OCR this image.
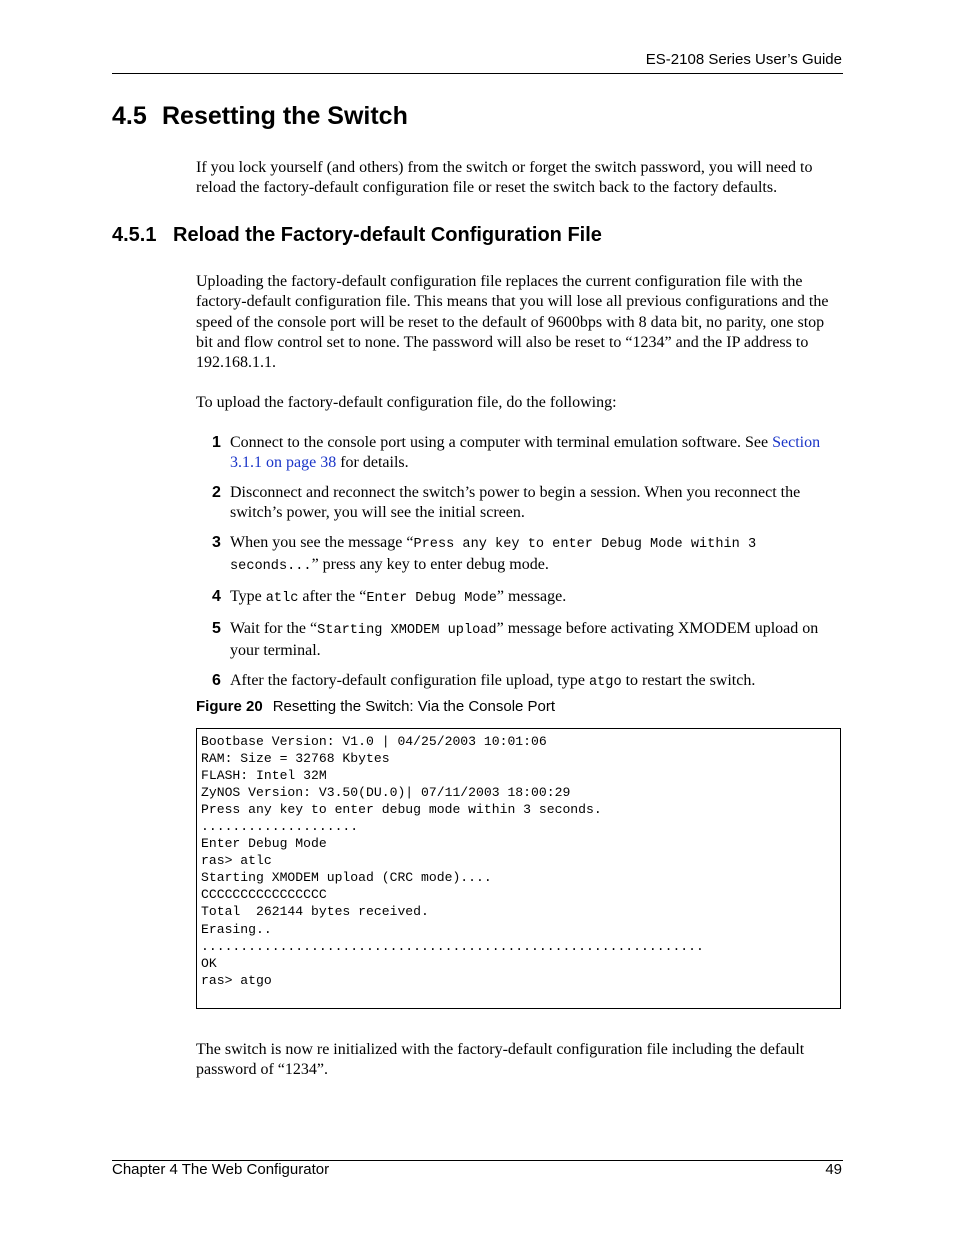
ES-2108 Series User’s Guide
4.5 Resetting the Switch

If you lock yourself (and others) from the switch or forget the switch password, you will need to reload the factory-default configuration file or reset the switch back to the factory defaults.

4.5.1 Reload the Factory-default Configuration File

Uploading the factory-default configuration file replaces the current configuration file with the factory-default configuration file. This means that you will lose all previous configurations and the speed of the console port will be reset to the default of 9600bps with 8 data bit, no parity, one stop bit and flow control set to none. The password will also be reset to “1234” and the IP address to 192.168.1.1.

To upload the factory-default configuration file, do the following:

1 Connect to the console port using a computer with terminal emulation software. See Section 3.1.1 on page 38 for details.
2 Disconnect and reconnect the switch’s power to begin a session. When you reconnect the switch’s power, you will see the initial screen.
3 When you see the message “Press any key to enter Debug Mode within 3 seconds...” press any key to enter debug mode.
4 Type atlc after the “Enter Debug Mode” message.
5 Wait for the “Starting XMODEM upload” message before activating XMODEM upload on your terminal.
6 After the factory-default configuration file upload, type atgo to restart the switch.

Figure 20 Resetting the Switch: Via the Console Port

Bootbase Version: V1.0 | 04/25/2003 10:01:06
RAM: Size = 32768 Kbytes
FLASH: Intel 32M
ZyNOS Version: V3.50(DU.0)| 07/11/2003 18:00:29
Press any key to enter debug mode within 3 seconds.
....................
Enter Debug Mode
ras> atlc
Starting XMODEM upload (CRC mode)....
CCCCCCCCCCCCCCCC
Total  262144 bytes received.
Erasing..
................................................................
OK
ras> atgo

The switch is now re initialized with the factory-default configuration file including the default password of “1234”.

Chapter 4 The Web Configurator	49
